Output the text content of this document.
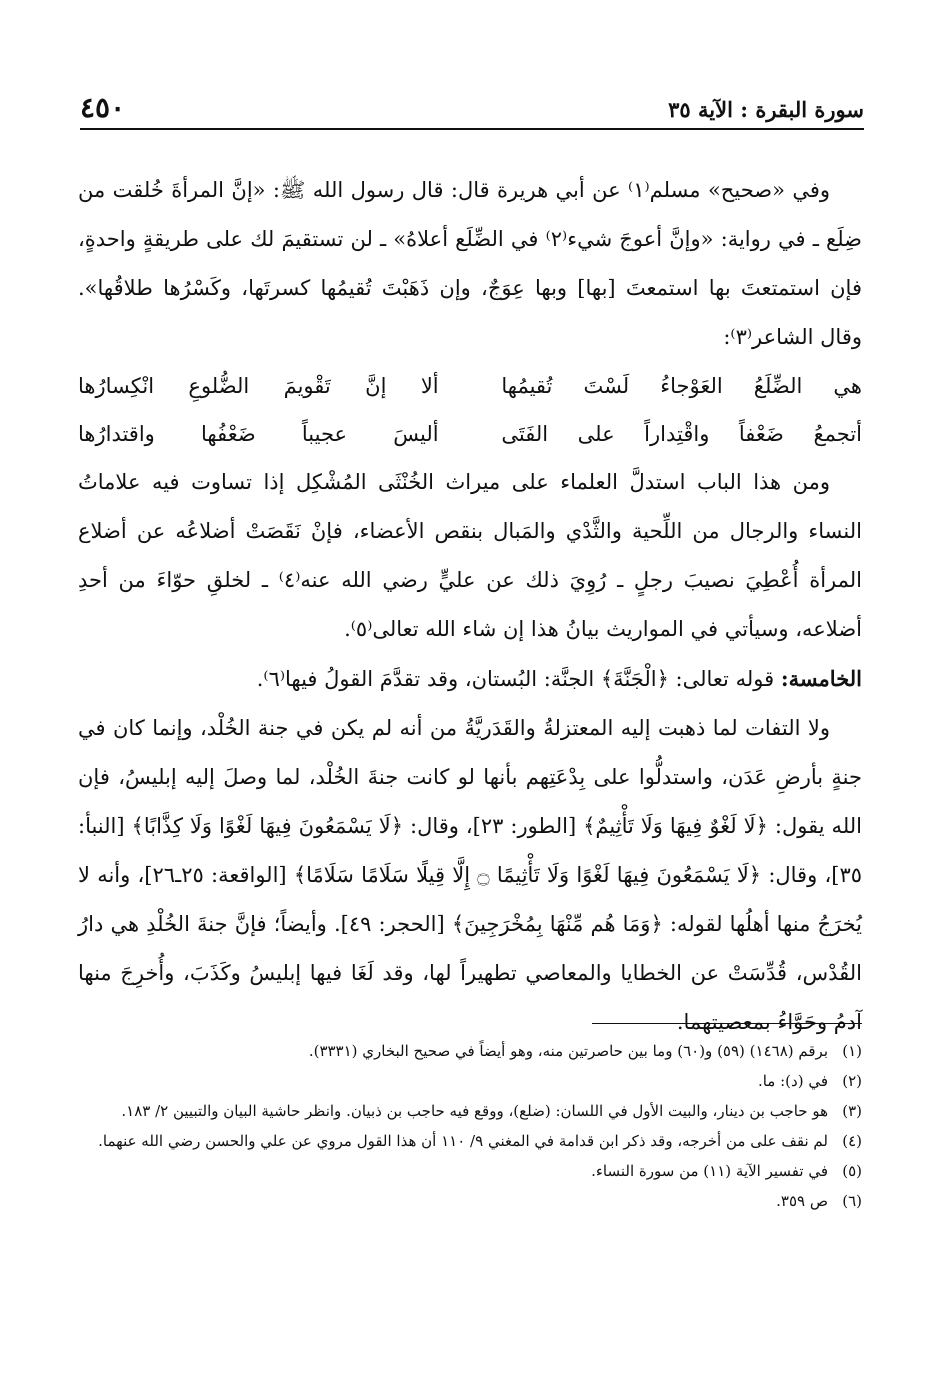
سورة البقرة : الآية ٣٥
٤٥٠

وفي «صحيح» مسلم⁽١⁾ عن أبي هريرة قال: قال رسول الله ﷺ: «إنَّ المرأةَ خُلقت من ضِلَع ـ في رواية: «وإنَّ أعوجَ شيء⁽٢⁾ في الضِّلَع أعلاهُ» ـ لن تستقيمَ لك على طريقةٍ واحدةٍ، فإن استمتعتَ بها استمعتَ [بها] وبها عِوَجٌ، وإن ذَهَبْتَ تُقيمُها كسرتَها، وكَسْرُها طلاقُها». وقال الشاعر⁽٣⁾:

هي الضِّلَعُ العَوْجاءُ لَسْتَ تُقيمُها
ألا إنَّ تَقْويمَ الضُّلوعِ انْكِسارُها
أتجمعُ ضَعْفاً واقْتِداراً على الفَتَى
أليسَ عجيباً ضَعْفُها واقتدارُها

ومن هذا الباب استدلَّ العلماء على ميراث الخُنْثَى المُشْكِل إذا تساوت فيه علاماتُ النساء والرجال من اللِّحية والثَّدْي والمَبال بنقص الأعضاء، فإنْ نَقَصَتْ أضلاعُه عن أضلاع المرأة أُعْطِيَ نصيبَ رجلٍ ـ رُوِيَ ذلك عن عليٍّ رضي الله عنه⁽٤⁾ ـ لخلقِ حوّاءَ من أحدِ أضلاعه، وسيأتي في المواريث بيانُ هذا إن شاء الله تعالى⁽٥⁾.

الخامسة: قوله تعالى: ﴿الْجَنَّةَ﴾ الجنَّة: البُستان، وقد تقدَّمَ القولُ فيها⁽٦⁾.

ولا التفات لما ذهبت إليه المعتزلةُ والقَدَريَّةُ من أنه لم يكن في جنة الخُلْد، وإنما كان في جنةٍ بأرضِ عَدَن، واستدلُّوا على بِدْعَتِهم بأنها لو كانت جنةَ الخُلْد، لما وصلَ إليه إبليسُ، فإن الله يقول: ﴿لَا لَغْوٌ فِيهَا وَلَا تَأْثِيمٌ﴾ [الطور: ٢٣]، وقال: ﴿لَا يَسْمَعُونَ فِيهَا لَغْوًا وَلَا كِذَّابًا﴾ [النبأ: ٣٥]، وقال: ﴿لَا يَسْمَعُونَ فِيهَا لَغْوًا وَلَا تَأْثِيمًا ۝ إِلَّا قِيلًا سَلَامًا سَلَامًا﴾ [الواقعة: ٢٥ـ٢٦]، وأنه لا يُخرَجُ منها أهلُها لقوله: ﴿وَمَا هُم مِّنْهَا بِمُخْرَجِينَ﴾ [الحجر: ٤٩]. وأيضاً؛ فإنَّ جنةَ الخُلْدِ هي دارُ القُدْس، قُدِّسَتْ عن الخطايا والمعاصي تطهيراً لها، وقد لَغَا فيها إبليسُ وكَذَبَ، وأُخرِجَ منها آدمُ وحَوَّاءُ بمعصيتهما.

(١)
برقم (١٤٦٨) (٥٩) و(٦٠) وما بين حاصرتين منه، وهو أيضاً في صحيح البخاري (٣٣٣١).
(٢)
في (د): ما.
(٣)
هو حاجب بن دينار، والبيت الأول في اللسان: (ضلع)، ووقع فيه حاجب بن ذبيان. وانظر حاشية البيان والتبيين ٢/ ١٨٣.
(٤)
لم نقف على من أخرجه، وقد ذكر ابن قدامة في المغني ٩/ ١١٠ أن هذا القول مروي عن علي والحسن رضي الله عنهما.
(٥)
في تفسير الآية (١١) من سورة النساء.
(٦)
ص ٣٥٩.
